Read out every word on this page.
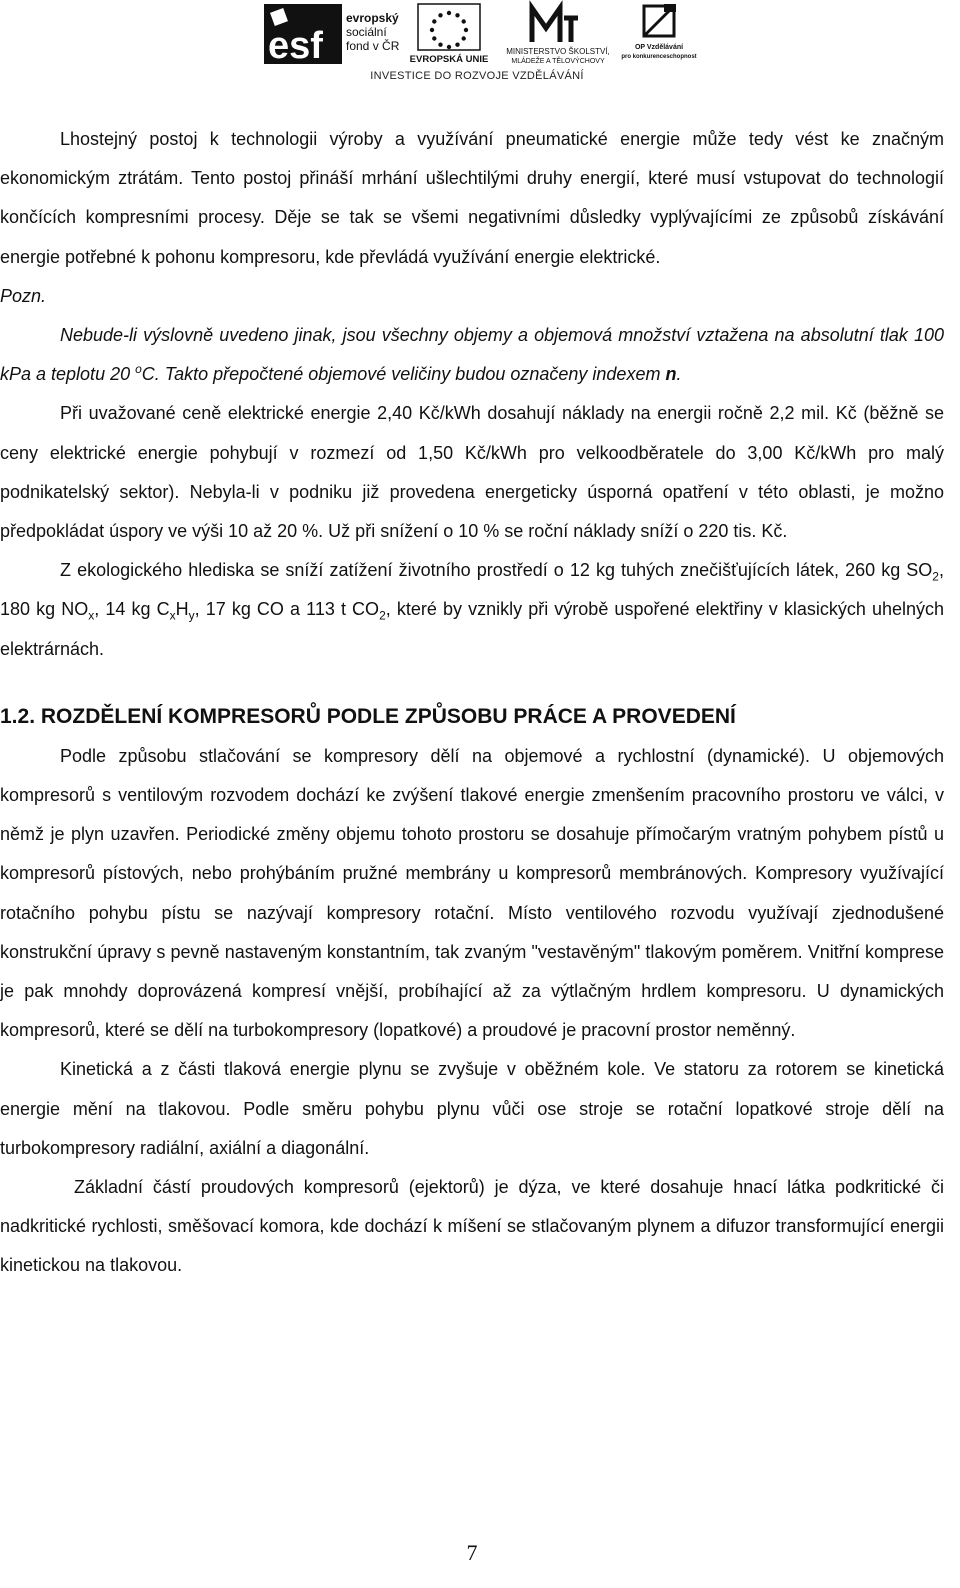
esf
evropský
sociální
fond v ČR
EVROPSKÁ UNIE
MINISTERSTVO ŠKOLSTVÍ,
MLÁDEŽE A TĚLOVÝCHOVY
OP Vzdělávání
pro konkurenceschopnost
INVESTICE DO ROZVOJE VZDĚLÁVÁNÍ

Lhostejný postoj k technologii výroby a využívání pneumatické energie může tedy vést ke značným ekonomickým ztrátám. Tento postoj přináší mrhání ušlechtilými druhy energií, které musí vstupovat do technologií končících kompresními procesy. Děje se tak se všemi negativními důsledky vyplývajícími ze způsobů získávání energie potřebné k pohonu kompresoru, kde převládá využívání energie elektrické.

Pozn.

Nebude-li výslovně uvedeno jinak, jsou všechny objemy a objemová množství vztažena na absolutní tlak 100 kPa a teplotu 20 $^o$C. Takto přepočtené objemové veličiny budou označeny indexem n.

Při uvažované ceně elektrické energie 2,40 Kč/kWh dosahují náklady na energii ročně 2,2 mil. Kč (běžně se ceny elektrické energie pohybují v rozmezí od 1,50 Kč/kWh pro velkoodběratele do 3,00 Kč/kWh pro malý podnikatelský sektor). Nebyla-li v podniku již provedena energeticky úsporná opatření v této oblasti, je možno předpokládat úspory ve výši 10 až 20 %. Už při snížení o 10 % se roční náklady sníží o 220 tis. Kč.

Z ekologického hlediska se sníží zatížení životního prostředí o 12 kg tuhých znečišťujících látek, 260 kg $SO_2$, 180 kg $NO_x$, 14 kg $C_xH_y$, 17 kg CO a 113 t $CO_2$, které by vznikly při výrobě uspořené elektřiny v klasických uhelných elektrárnách.

1.2. ROZDĚLENÍ KOMPRESORŮ PODLE ZPŮSOBU PRÁCE A PROVEDENÍ

Podle způsobu stlačování se kompresory dělí na objemové a rychlostní (dynamické). U objemových kompresorů s ventilovým rozvodem dochází ke zvýšení tlakové energie zmenšením pracovního prostoru ve válci, v němž je plyn uzavřen. Periodické změny objemu tohoto prostoru se dosahuje přímočarým vratným pohybem pístů u kompresorů pístových, nebo prohýbáním pružné membrány u kompresorů membránových. Kompresory využívající rotačního pohybu pístu se nazývají kompresory rotační. Místo ventilového rozvodu využívají zjednodušené konstrukční úpravy s pevně nastaveným konstantním, tak zvaným "vestavěným" tlakovým poměrem. Vnitřní komprese je pak mnohdy doprovázená kompresí vnější, probíhající až za výtlačným hrdlem kompresoru. U dynamických kompresorů, které se dělí na turbokompresory (lopatkové) a proudové je pracovní prostor neměnný.

Kinetická a z části tlaková energie plynu se zvyšuje v oběžném kole. Ve statoru za rotorem se kinetická energie mění na tlakovou. Podle směru pohybu plynu vůči ose stroje se rotační lopatkové stroje dělí na turbokompresory radiální, axiální a diagonální.

Základní částí proudových kompresorů (ejektorů) je dýza, ve které dosahuje hnací látka podkritické či nadkritické rychlosti, směšovací komora, kde dochází k míšení se stlačovaným plynem a difuzor transformující energii kinetickou na tlakovou.

7
